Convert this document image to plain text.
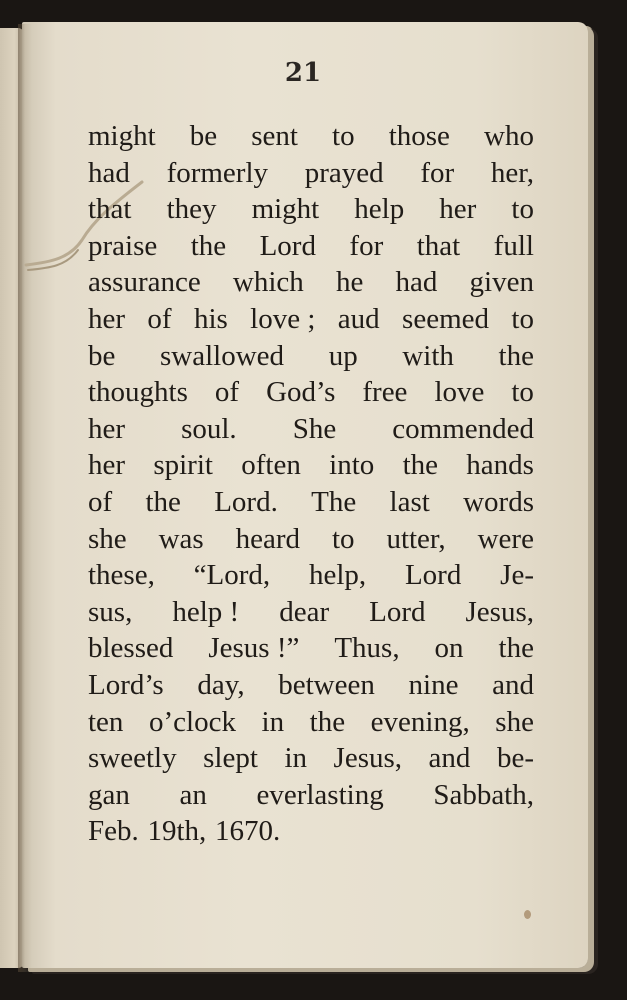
21
might be sent to those who
had formerly prayed for her,
that they might help her to
praise the Lord for that full
assurance which he had given
her of his love ; aud seemed to
be swallowed up with the
thoughts of God’s free love to
her soul. She commended
her spirit often into the hands
of the Lord. The last words
she was heard to utter, were
these, “Lord, help, Lord Je-
sus, help ! dear Lord Jesus,
blessed Jesus !” Thus, on the
Lord’s day, between nine and
ten o’clock in the evening, she
sweetly slept in Jesus, and be-
gan an everlasting Sabbath,
Feb. 19th, 1670.
